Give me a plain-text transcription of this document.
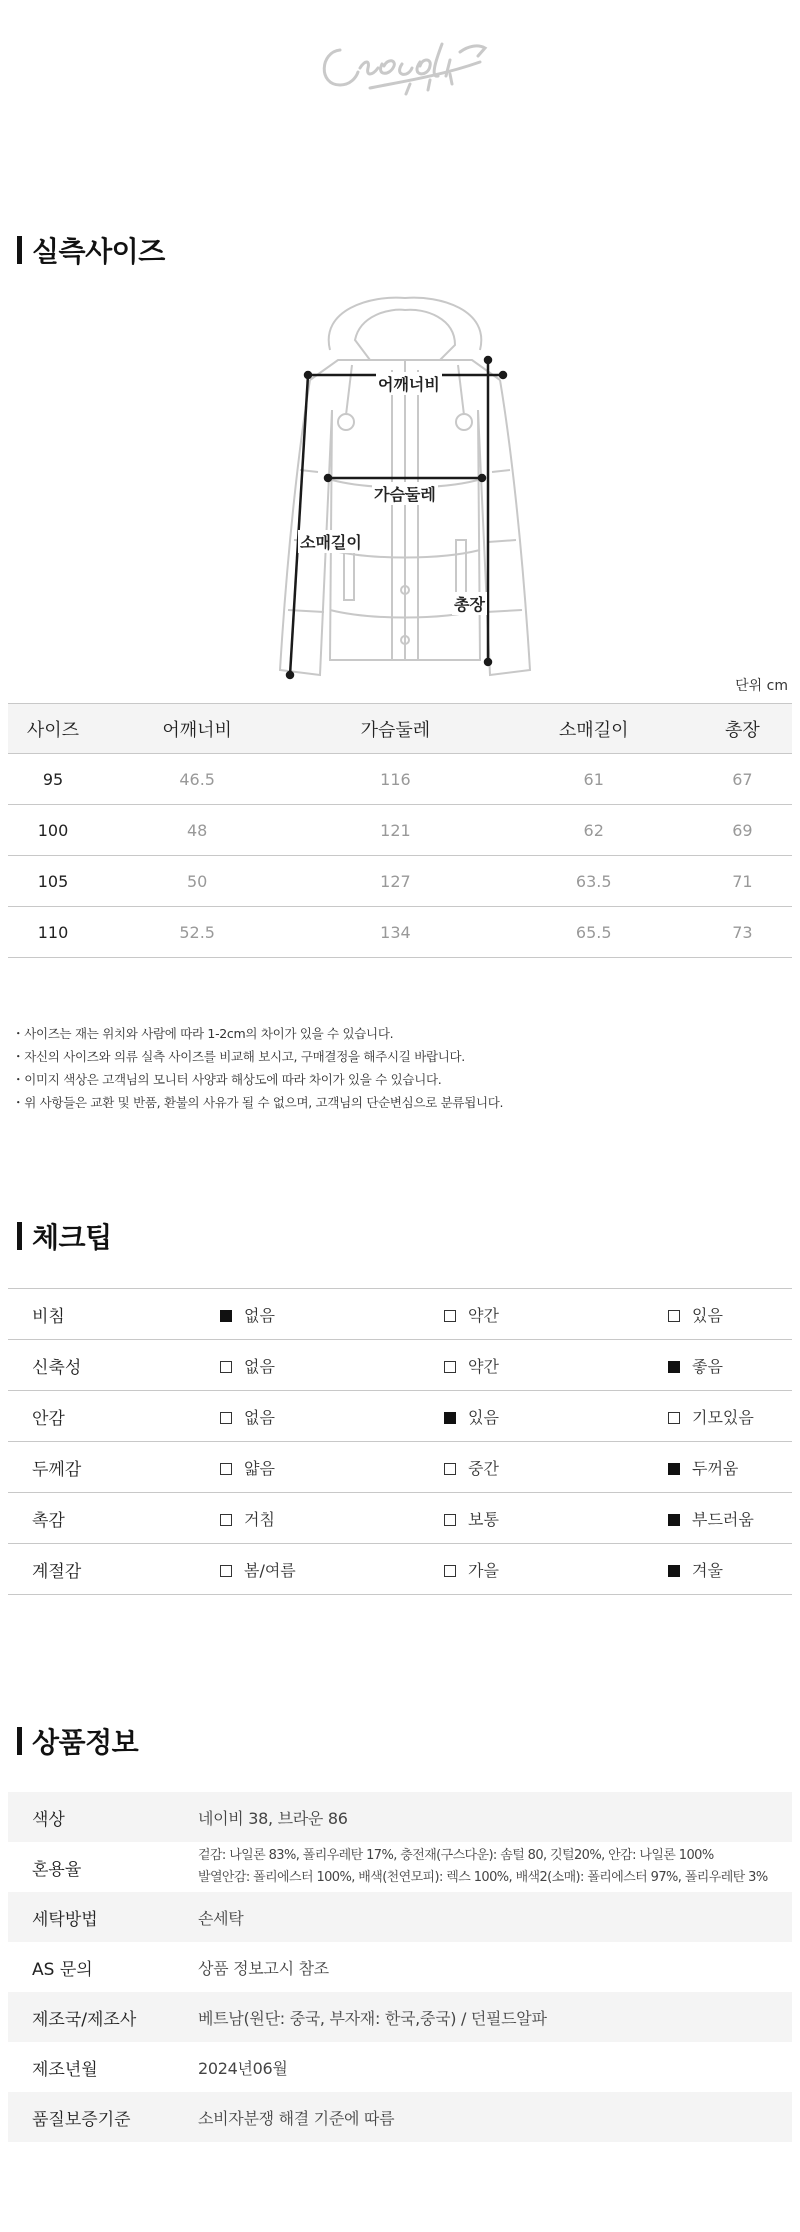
실측사이즈
어깨너비
가슴둘레
소매길이
총장
단위 cm
사이즈	어깨너비	가슴둘레	소매길이	총장
95	46.5	116	61	67
100	48	121	62	69
105	50	127	63.5	71
110	52.5	134	65.5	73
・ 사이즈는 재는 위치와 사람에 따라 1-2cm의 차이가 있을 수 있습니다.
・ 자신의 사이즈와 의류 실측 사이즈를 비교해 보시고, 구매결정을 해주시길 바랍니다.
・ 이미지 색상은 고객님의 모니터 사양과 해상도에 따라 차이가 있을 수 있습니다.
・ 위 사항들은 교환 및 반품, 환불의 사유가 될 수 없으며, 고객님의 단순변심으로 분류됩니다.
체크팁
비침	없음	약간	있음
신축성	없음	약간	좋음
안감	없음	있음	기모있음
두께감	얇음	중간	두꺼움
촉감	거침	보통	부드러움
계절감	봄/여름	가을	겨울
상품정보
색상	네이비 38, 브라운 86

혼용율	겉감: 나일론 83%, 폴리우레탄 17%, 충전재(구스다운): 솜털 80, 깃털20%, 안감: 나일론 100%
발열안감: 폴리에스터 100%, 배색(천연모피): 렉스 100%, 배색2(소매): 폴리에스터 97%, 폴리우레탄 3%

세탁방법	손세탁

AS 문의	상품 정보고시 참조

제조국/제조사	베트남(원단: 중국, 부자재: 한국,중국) / 던필드알파

제조년월	2024년06월

품질보증기준	소비자분쟁 해결 기준에 따름
